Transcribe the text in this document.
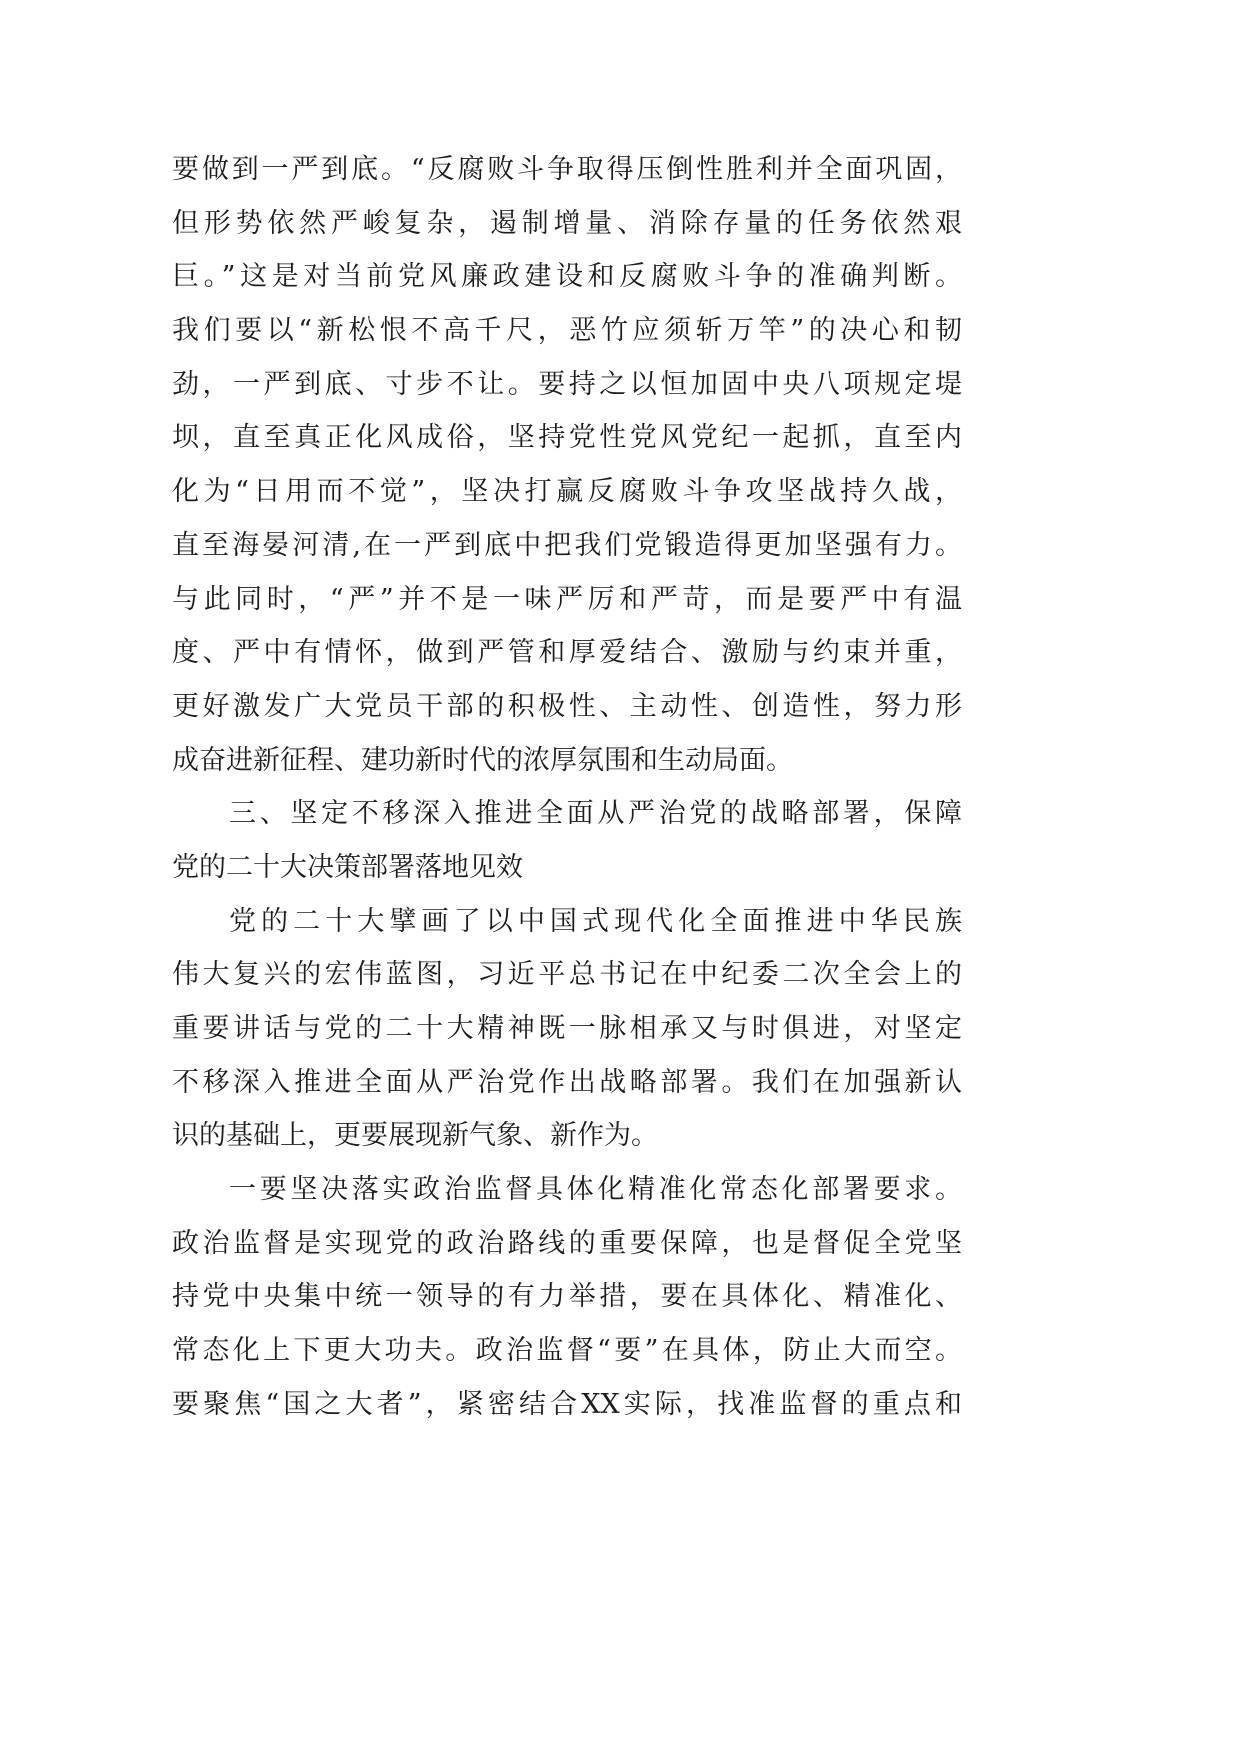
要做到一严到底。“反腐败斗争取得压倒性胜利并全面巩固，
但形势依然严峻复杂，遏制增量、消除存量的任务依然艰
巨。”这是对当前党风廉政建设和反腐败斗争的准确判断。
我们要以“新松恨不高千尺，恶竹应须斩万竿”的决心和韧
劲，一严到底、寸步不让。要持之以恒加固中央八项规定堤
坝，直至真正化风成俗，坚持党性党风党纪一起抓，直至内
化为“日用而不觉”，坚决打赢反腐败斗争攻坚战持久战，
直至海晏河清,在一严到底中把我们党锻造得更加坚强有力。
与此同时，“严”并不是一味严厉和严苛，而是要严中有温
度、严中有情怀，做到严管和厚爱结合、激励与约束并重，
更好激发广大党员干部的积极性、主动性、创造性，努力形
成奋进新征程、建功新时代的浓厚氛围和生动局面。
三、坚定不移深入推进全面从严治党的战略部署，保障
党的二十大决策部署落地见效
党的二十大擘画了以中国式现代化全面推进中华民族
伟大复兴的宏伟蓝图，习近平总书记在中纪委二次全会上的
重要讲话与党的二十大精神既一脉相承又与时俱进，对坚定
不移深入推进全面从严治党作出战略部署。我们在加强新认
识的基础上，更要展现新气象、新作为。
一要坚决落实政治监督具体化精准化常态化部署要求。
政治监督是实现党的政治路线的重要保障，也是督促全党坚
持党中央集中统一领导的有力举措，要在具体化、精准化、
常态化上下更大功夫。政治监督“要”在具体，防止大而空。
要聚焦“国之大者”，紧密结合XX实际，找准监督的重点和
